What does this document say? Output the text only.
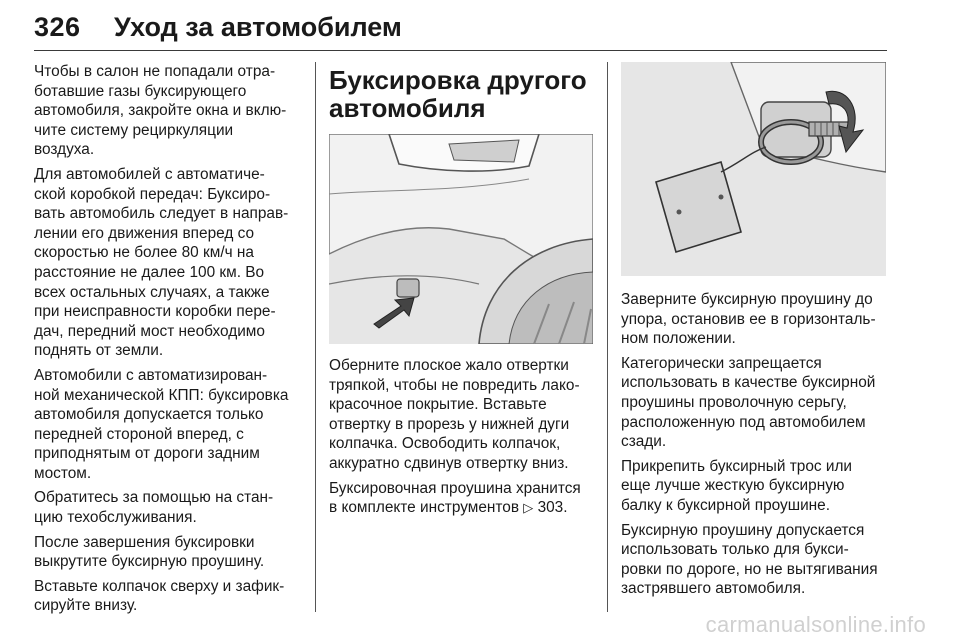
326 Уход за автомобилем

Чтобы в салон не попадали отра-
ботавшие газы буксирующего
автомобиля, закройте окна и вклю-
чите систему рециркуляции
воздуха.

Для автомобилей с автоматиче-
ской коробкой передач: Буксиро-
вать автомобиль следует в направ-
лении его движения вперед со
скоростью не более 80 км/ч на
расстояние не далее 100 км. Во
всех остальных случаях, а также
при неисправности коробки пере-
дач, передний мост необходимо
поднять от земли.

Автомобили с автоматизирован-
ной механической КПП: буксировка
автомобиля допускается только
передней стороной вперед, с
приподнятым от дороги задним
мостом.

Обратитесь за помощью на стан-
цию техобслуживания.

После завершения буксировки
выкрутите буксирную проушину.

Вставьте колпачок сверху и зафик-
сируйте внизу.

Буксировка другого
автомобиля

Оберните плоское жало отвертки
тряпкой, чтобы не повредить лако-
красочное покрытие. Вставьте
отвертку в прорезь у нижней дуги
колпачка. Освободить колпачок,
аккуратно сдвинув отвертку вниз.

Буксировочная проушина хранится
в комплекте инструментов ▷ 303.

Заверните буксирную проушину до
упора, остановив ее в горизонталь-
ном положении.

Категорически запрещается
использовать в качестве буксирной
проушины проволочную серьгу,
расположенную под автомобилем
сзади.

Прикрепить буксирный трос или
еще лучше жесткую буксирную
балку к буксирной проушине.

Буксирную проушину допускается
использовать только для букси-
ровки по дороге, но не вытягивания
застрявшего автомобиля.

carmanualsonline.info
